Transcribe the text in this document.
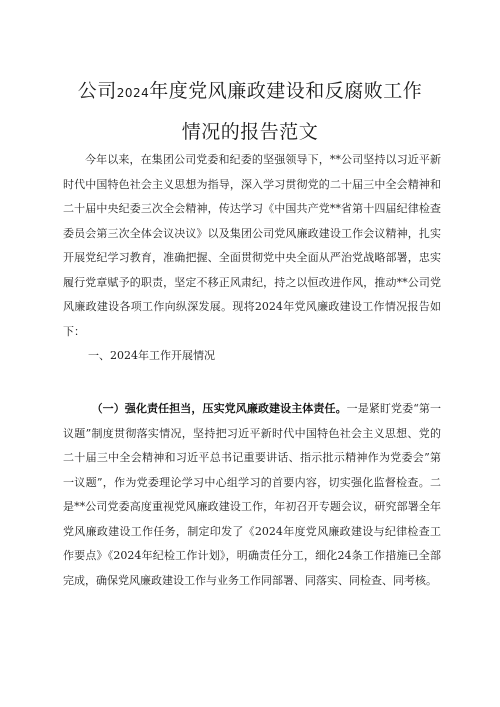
公司2024年度党风廉政建设和反腐败工作
情况的报告范文

今年以来，在集团公司党委和纪委的坚强领导下，**公司坚持以习近平新时代中国特色社会主义思想为指导，深入学习贯彻党的二十届三中全会精神和二十届中央纪委三次全会精神，传达学习《中国共产党**省第十四届纪律检查委员会第三次全体会议决议》以及集团公司党风廉政建设工作会议精神，扎实开展党纪学习教育，准确把握、全面贯彻党中央全面从严治党战略部署，忠实履行党章赋予的职责，坚定不移正风肃纪，持之以恒改进作风，推动**公司党风廉政建设各项工作向纵深发展。现将2024年党风廉政建设工作情况报告如下：

一、2024年工作开展情况

（一）强化责任担当，压实党风廉政建设主体责任。一是紧盯党委“第一议题”制度贯彻落实情况，坚持把习近平新时代中国特色社会主义思想、党的二十届三中全会精神和习近平总书记重要讲话、指示批示精神作为党委会”第一议题”，作为党委理论学习中心组学习的首要内容，切实强化监督检查。二是**公司党委高度重视党风廉政建设工作，年初召开专题会议，研究部署全年党风廉政建设工作任务，制定印发了《2024年度党风廉政建设与纪律检查工作要点》《2024年纪检工作计划》，明确责任分工，细化24条工作措施已全部完成，确保党风廉政建设工作与业务工作同部署、同落实、同检查、同考核。
